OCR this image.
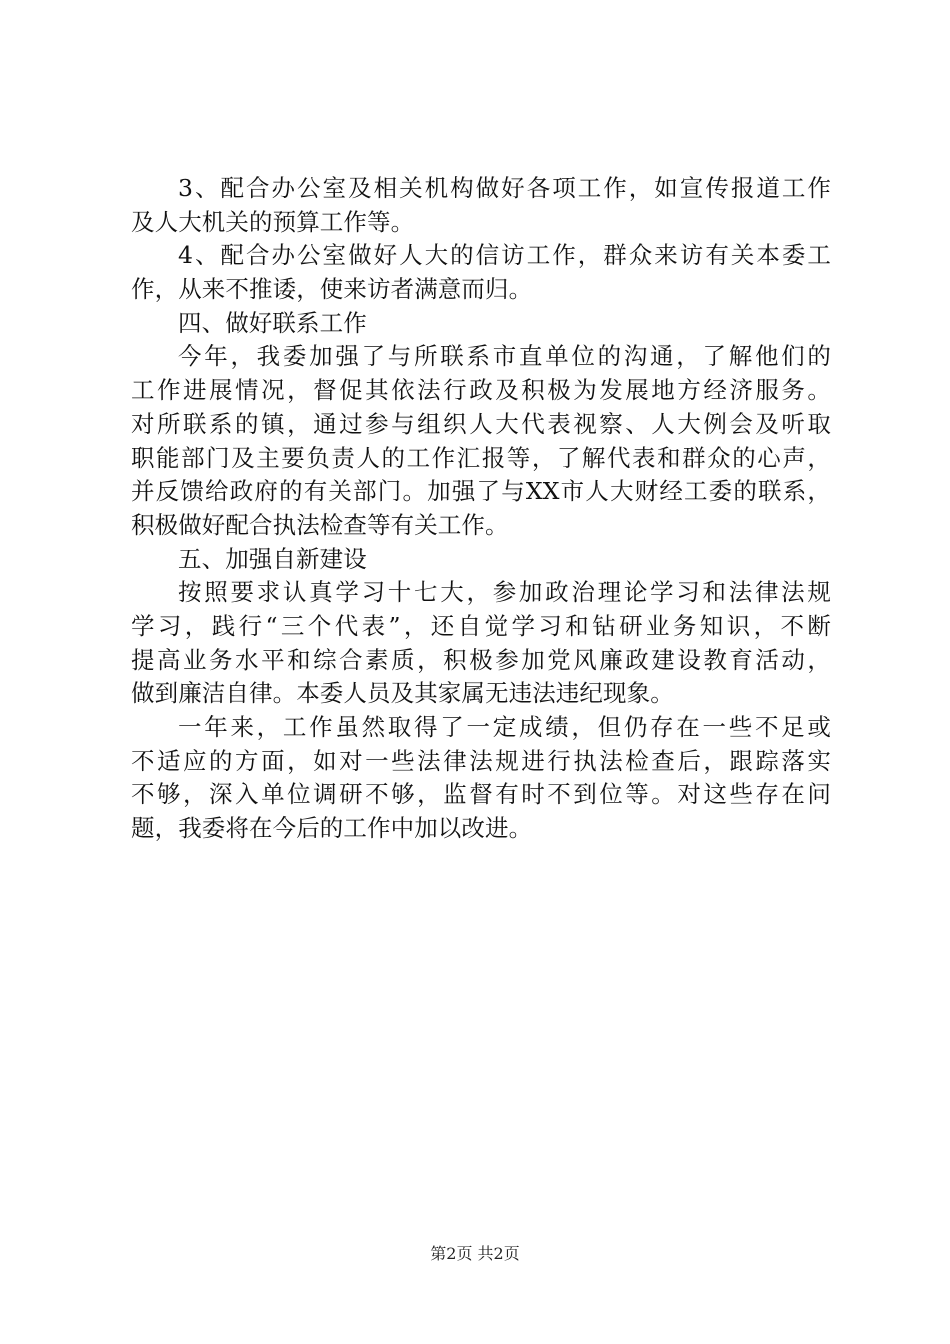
3、配合办公室及相关机构做好各项工作，如宣传报道工作
及人大机关的预算工作等。
4、配合办公室做好人大的信访工作，群众来访有关本委工
作，从来不推诿，使来访者满意而归。
四、做好联系工作
今年，我委加强了与所联系市直单位的沟通，了解他们的
工作进展情况，督促其依法行政及积极为发展地方经济服务。
对所联系的镇，通过参与组织人大代表视察、人大例会及听取
职能部门及主要负责人的工作汇报等，了解代表和群众的心声，
并反馈给政府的有关部门。加强了与XX市人大财经工委的联系，
积极做好配合执法检查等有关工作。
五、加强自新建设
按照要求认真学习十七大，参加政治理论学习和法律法规
学习，践行“三个代表”，还自觉学习和钻研业务知识，不断
提高业务水平和综合素质，积极参加党风廉政建设教育活动，
做到廉洁自律。本委人员及其家属无违法违纪现象。
一年来，工作虽然取得了一定成绩，但仍存在一些不足或
不适应的方面，如对一些法律法规进行执法检查后，跟踪落实
不够，深入单位调研不够，监督有时不到位等。对这些存在问
题，我委将在今后的工作中加以改进。
第2页 共2页
